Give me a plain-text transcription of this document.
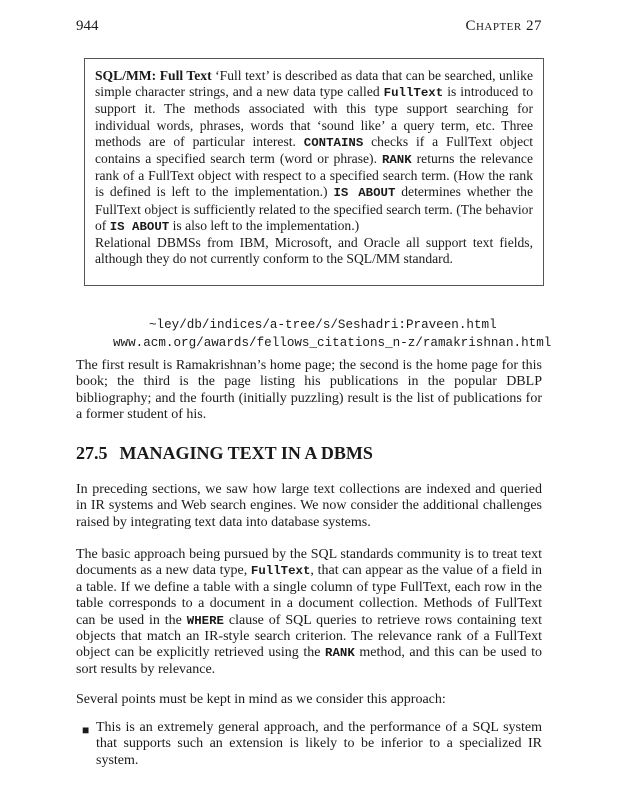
944	Chapter 27
SQL/MM: Full Text ‘Full text’ is described as data that can be searched, unlike simple character strings, and a new data type called FullText is introduced to support it. The methods associated with this type support searching for individual words, phrases, words that ‘sound like’ a query term, etc. Three methods are of particular interest. CONTAINS checks if a FullText object contains a specified search term (word or phrase). RANK returns the relevance rank of a FullText object with respect to a specified search term. (How the rank is defined is left to the implementation.) IS ABOUT determines whether the FullText object is sufficiently related to the specified search term. (The behavior of IS ABOUT is also left to the implementation.)
Relational DBMSs from IBM, Microsoft, and Oracle all support text fields, although they do not currently conform to the SQL/MM standard.
~ley/db/indices/a-tree/s/Seshadri:Praveen.html
www.acm.org/awards/fellows_citations_n-z/ramakrishnan.html

The first result is Ramakrishnan’s home page; the second is the home page for this book; the third is the page listing his publications in the popular DBLP bibliography; and the fourth (initially puzzling) result is the list of publications for a former student of his.

27.5 MANAGING TEXT IN A DBMS

In preceding sections, we saw how large text collections are indexed and queried in IR systems and Web search engines. We now consider the additional challenges raised by integrating text data into database systems.

The basic approach being pursued by the SQL standards community is to treat text documents as a new data type, FullText, that can appear as the value of a field in a table. If we define a table with a single column of type FullText, each row in the table corresponds to a document in a document collection. Methods of FullText can be used in the WHERE clause of SQL queries to retrieve rows containing text objects that match an IR-style search criterion. The relevance rank of a FullText object can be explicitly retrieved using the RANK method, and this can be used to sort results by relevance.

Several points must be kept in mind as we consider this approach:

■ This is an extremely general approach, and the performance of a SQL system that supports such an extension is likely to be inferior to a specialized IR system.
